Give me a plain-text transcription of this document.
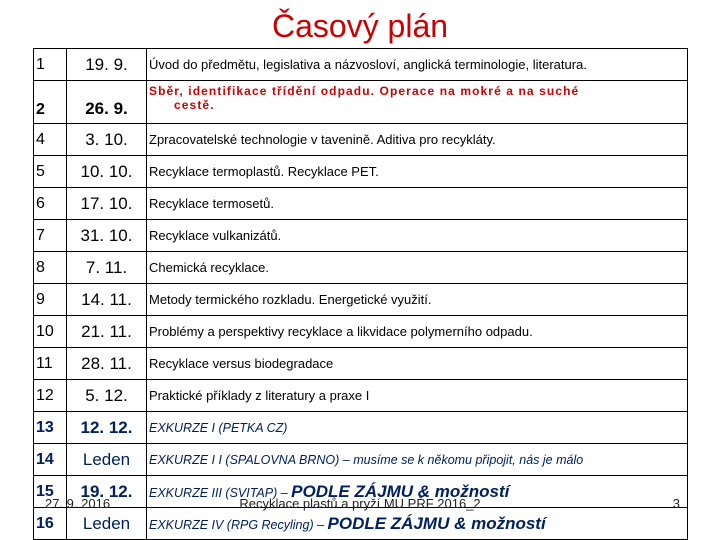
Časový plán
1	19. 9.	Úvod do předmětu, legislativa a názvosloví, anglická terminologie, literatura.
2	26. 9.	Sběr, identifikace třídění odpadu. Operace na mokré a na suché
cestě.

4	3. 10.	Zpracovatelské technologie v tavenině. Aditiva pro recykláty.
5	10. 10.	Recyklace termoplastů. Recyklace PET.
6	17. 10.	Recyklace termosetů.
7	31. 10.	Recyklace vulkanizátů.
8	7. 11.	Chemická recyklace.
9	14. 11.	Metody termického rozkladu. Energetické využití.
10	21. 11.	Problémy a perspektivy recyklace a likvidace polymerního odpadu.
11	28. 11.	Recyklace versus biodegradace
12	5. 12.	Praktické příklady z literatury a praxe I
13	12. 12.	EXKURZE I (PETKA CZ)
14	Leden	EXKURZE I I (SPALOVNA BRNO) – musíme se k někomu připojit, nás je málo
15	19. 12.	EXKURZE III (SVITAP) – PODLE ZÁJMU & možností
16	Leden	EXKURZE IV (RPG Recyling) – PODLE ZÁJMU & možností
27. 9. 2016	Recyklace plastů a pryží MU PŘF 2016_2	3
